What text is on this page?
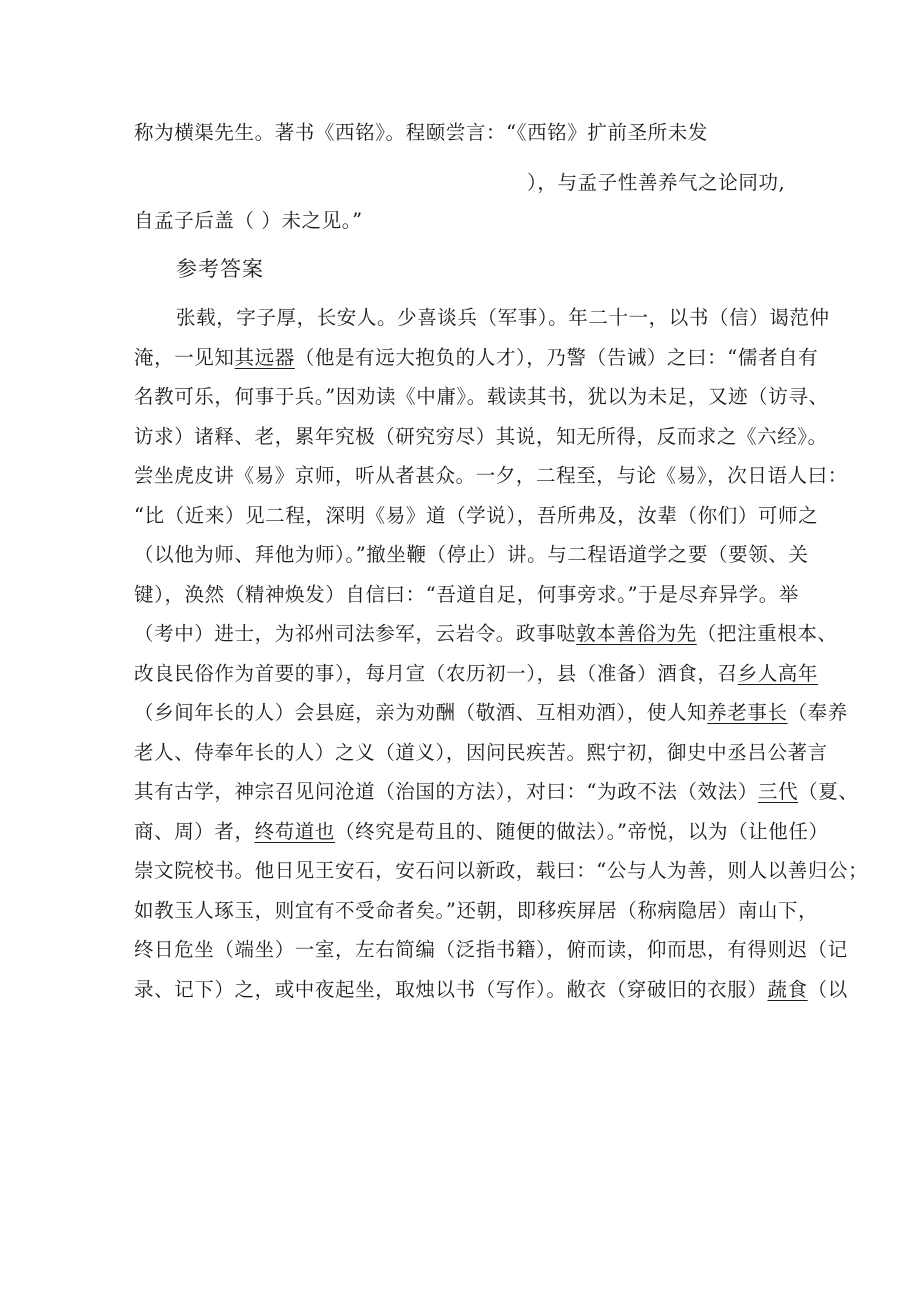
称为横渠先生。著书《西铭》。程颐尝言：“《西铭》扩前圣所未发
），与孟子性善养气之论同功,
自孟子后盖（ ）未之见。”
参考答案
张载，字子厚，长安人。少喜谈兵（军事）。年二十一，以书（信）谒范仲
淹，一见知其远器（他是有远大抱负的人才），乃警（告诫）之曰：“儒者自有
名教可乐，何事于兵。”因劝读《中庸》。载读其书，犹以为未足，又迹（访寻、
访求）诸释、老，累年究极（研究穷尽）其说，知无所得，反而求之《六经》。
尝坐虎皮讲《易》京师，听从者甚众。一夕，二程至，与论《易》，次日语人曰：
“比（近来）见二程，深明《易》道（学说），吾所弗及，汝辈（你们）可师之
（以他为师、拜他为师）。”撤坐鞭（停止）讲。与二程语道学之要（要领、关
键），涣然（精神焕发）自信曰：“吾道自足，何事旁求。”于是尽弃异学。举
（考中）进士，为祁州司法参军，云岩令。政事哒敦本善俗为先（把注重根本、
改良民俗作为首要的事），每月宣（农历初一），县（准备）酒食，召乡人高年
（乡间年长的人）会县庭，亲为劝酬（敬酒、互相劝酒），使人知养老事长（奉养
老人、侍奉年长的人）之义（道义），因问民疾苦。熙宁初，御史中丞吕公著言
其有古学，神宗召见问沧道（治国的方法），对曰：“为政不法（效法）三代（夏、
商、周）者，终苟道也（终究是苟且的、随便的做法）。”帝悦，以为（让他任）
崇文院校书。他日见王安石，安石问以新政，载曰：“公与人为善，则人以善归公；
如教玉人琢玉，则宜有不受命者矣。”还朝，即移疾屏居（称病隐居）南山下，
终日危坐（端坐）一室，左右简编（泛指书籍），俯而读，仰而思，有得则迟（记
录、记下）之，或中夜起坐，取烛以书（写作）。敝衣（穿破旧的衣服）蔬食（以
